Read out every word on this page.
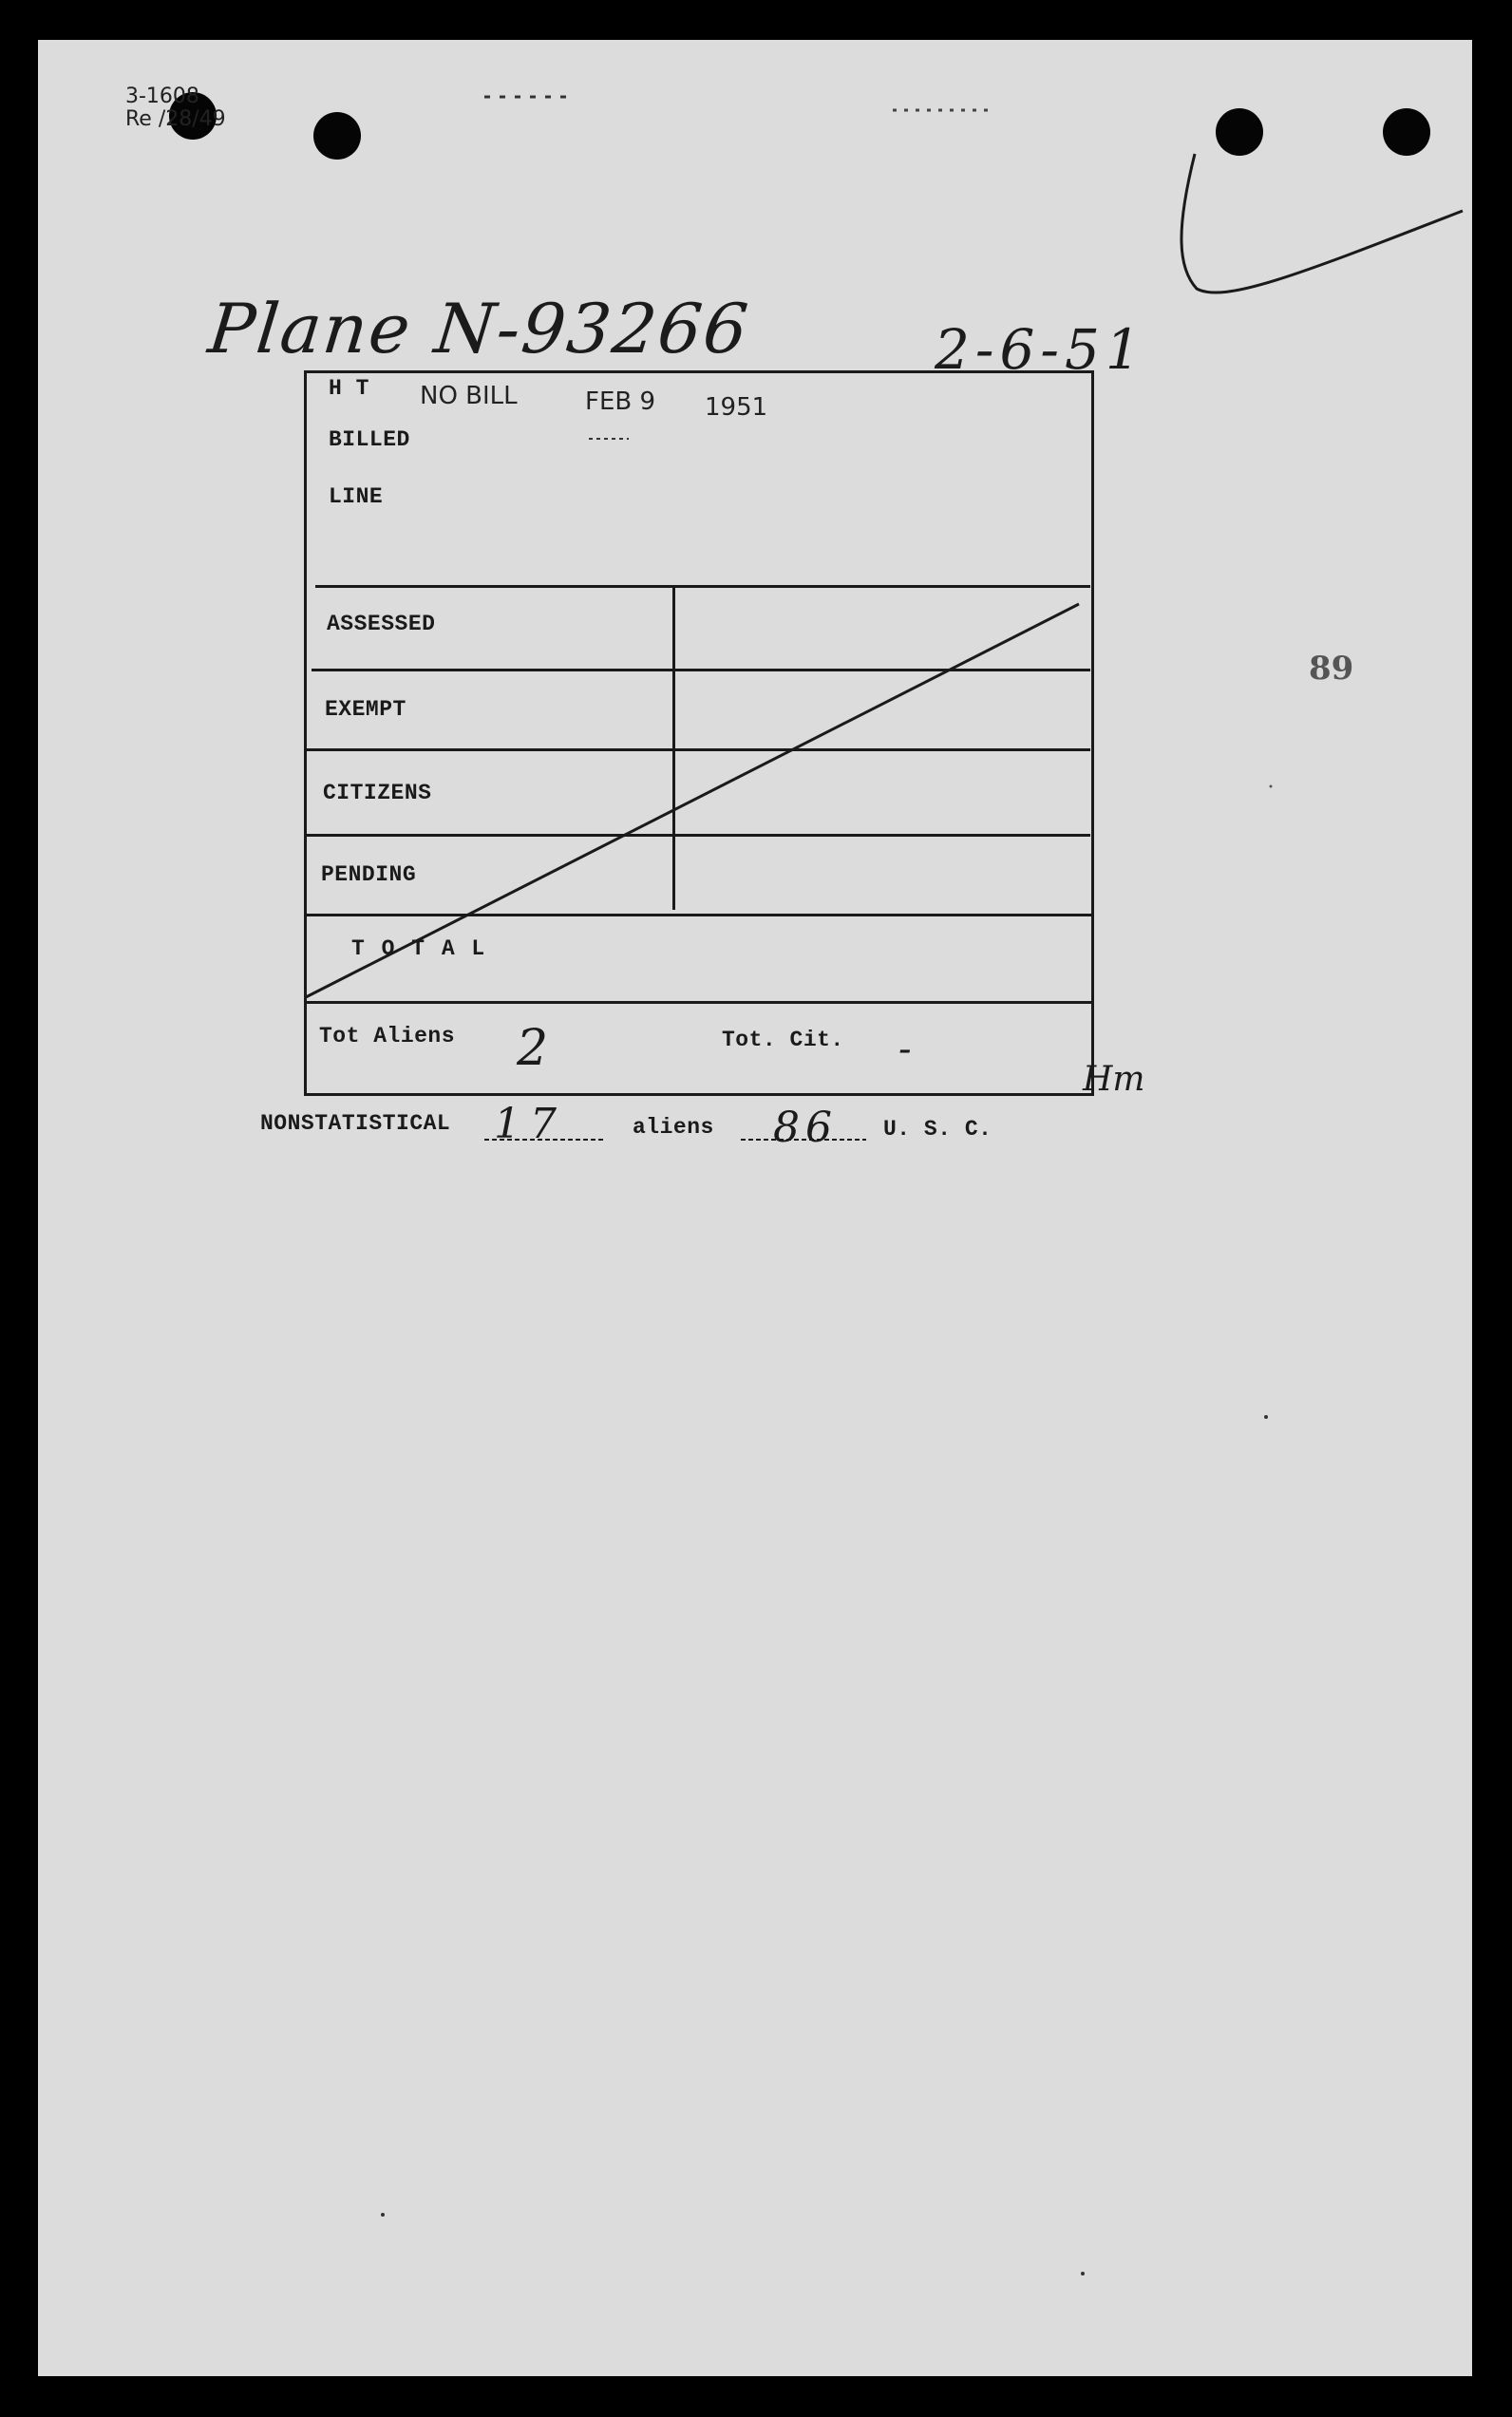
3-1608
Re /28/49
Plane N-93266	2-6-51
89
H T
BILLED
LINE
NO BILL	FEB 9 1951
ASSESSED
EXEMPT
CITIZENS
PENDING
T O T A L
Tot Aliens 2	Tot. Cit. -
Hm
NONSTATISTICAL 17	aliens 86 U. S. C.
